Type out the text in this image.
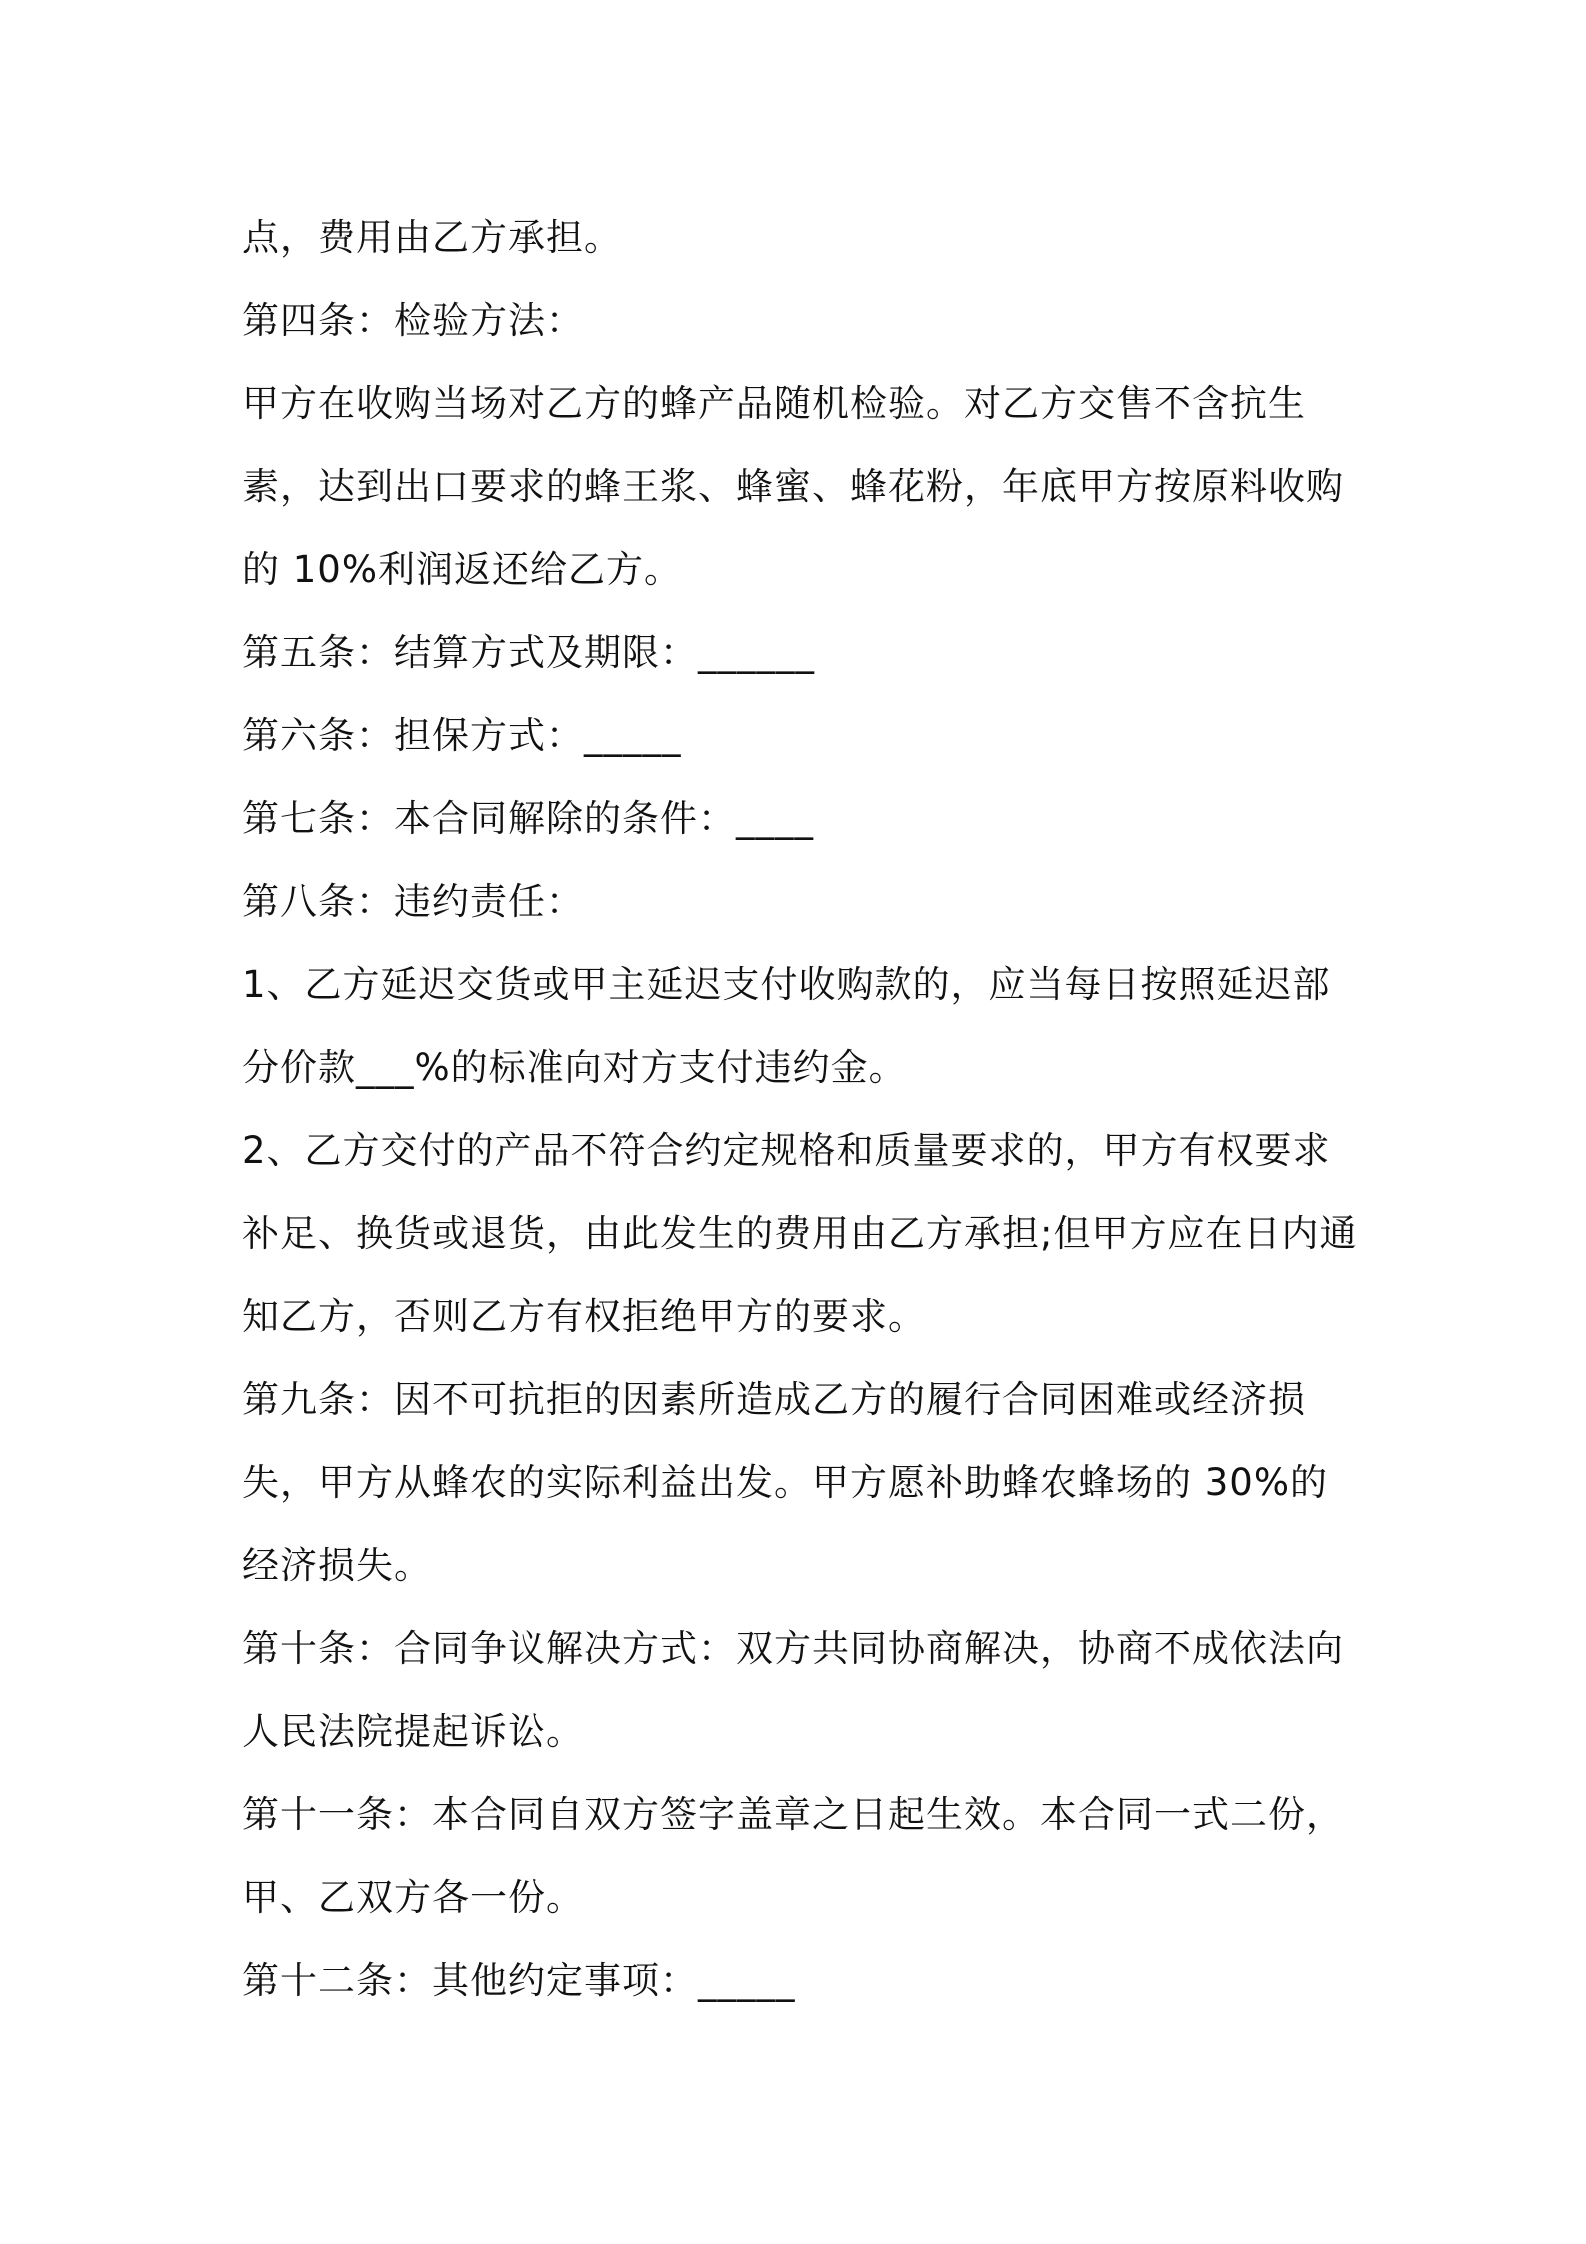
点，费用由乙方承担。

第四条：检验方法：

甲方在收购当场对乙方的蜂产品随机检验。对乙方交售不含抗生素，达到出口要求的蜂王浆、蜂蜜、蜂花粉，年底甲方按原料收购的 10%利润返还给乙方。

第五条：结算方式及期限：______

第六条：担保方式：_____

第七条：本合同解除的条件：____

第八条：违约责任：

1、乙方延迟交货或甲主延迟支付收购款的，应当每日按照延迟部分价款___%的标准向对方支付违约金。

2、乙方交付的产品不符合约定规格和质量要求的，甲方有权要求补足、换货或退货，由此发生的费用由乙方承担;但甲方应在日内通知乙方，否则乙方有权拒绝甲方的要求。

第九条：因不可抗拒的因素所造成乙方的履行合同困难或经济损失，甲方从蜂农的实际利益出发。甲方愿补助蜂农蜂场的 30%的经济损失。

第十条：合同争议解决方式：双方共同协商解决，协商不成依法向人民法院提起诉讼。

第十一条：本合同自双方签字盖章之日起生效。本合同一式二份，甲、乙双方各一份。

第十二条：其他约定事项：_____
